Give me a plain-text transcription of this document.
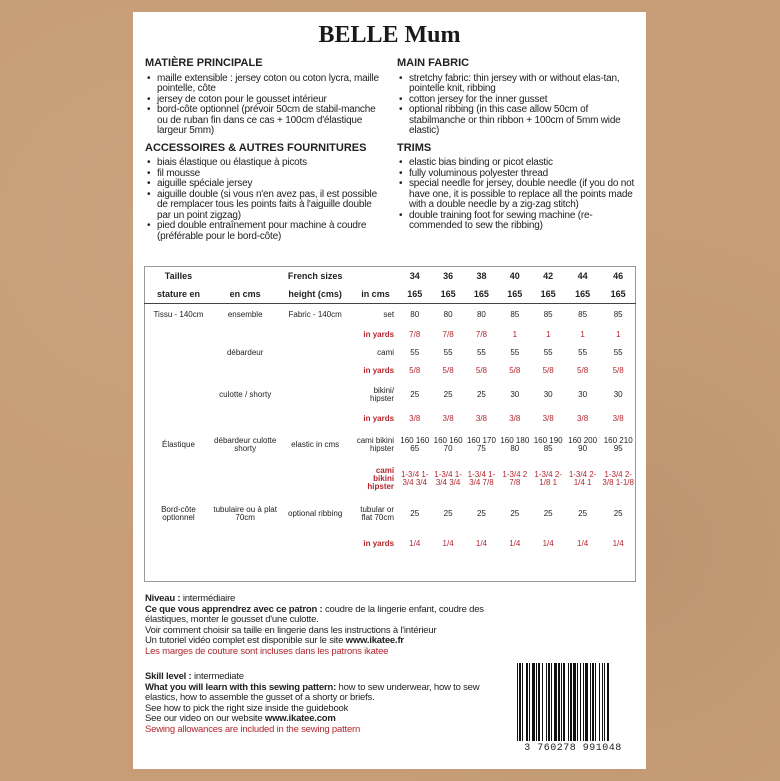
BELLE Mum
MATIÈRE PRINCIPALE
• maille extensible : jersey coton ou coton lycra, maille pointelle, côte
• jersey de coton pour le gousset intérieur
• bord-côte optionnel (prévoir 50cm de stabil-manche ou de ruban fin dans ce cas + 100cm d'élastique largeur 5mm)
ACCESSOIRES & AUTRES FOURNITURES
• biais élastique ou élastique à picots
• fil mousse
• aiguille spéciale jersey
• aiguille double (si vous n'en avez pas, il est possible de remplacer tous les points faits à l'aiguille double par un point zigzag)
• pied double entraînement pour machine à coudre (préférable pour le bord-côte)
MAIN FABRIC
• stretchy fabric: thin jersey with or without elas-tan, pointelle knit, ribbing
• cotton jersey for the inner gusset
• optional ribbing (in this case allow 50cm of stabilmanche or thin ribbon + 100cm of 5mm wide elastic)
TRIMS
• elastic bias binding or picot elastic
• fully voluminous polyester thread
• special needle for jersey, double needle (if you do not have one, it is possible to replace all the points made with a double needle by a zig-zag stitch)
• double training foot for sewing machine (re-commended to sew the ribbing)
Tailles		French sizes		34	36	38	40	42	44	46
stature en	en cms	height (cms)	in cms	165	165	165	165	165	165	165
Tissu - 140cm	ensemble	Fabric - 140cm	set	80	80	80	85	85	85	85
			in yards	7/8	7/8	7/8	1	1	1	1
	débardeur		cami	55	55	55	55	55	55	55
			in yards	5/8	5/8	5/8	5/8	5/8	5/8	5/8
	culotte / shorty		bikini/ hipster	25	25	25	30	30	30	30
			in yards	3/8	3/8	3/8	3/8	3/8	3/8	3/8
Élastique	débardeur culotte shorty	elastic in cms	cami bikini hipster	160 160 65	160 160 70	160 170 75	160 180 80	160 190 85	160 200 90	160 210 95
			cami bikini hipster	1-3/4 1-3/4 3/4	1-3/4 1-3/4 3/4	1-3/4 1-3/4 7/8	1-3/4 2 7/8	1-3/4 2-1/8 1	1-3/4 2-1/4 1	1-3/4 2-3/8 1-1/8
Bord-côte optionnel	tubulaire ou à plat 70cm	optional ribbing	tubular or flat 70cm	25	25	25	25	25	25	25
			in yards	1/4	1/4	1/4	1/4	1/4	1/4	1/4

Niveau : intermédiaire

Ce que vous apprendrez avec ce patron : coudre de la lingerie enfant, coudre des élastiques, monter le gousset d'une culotte.

Voir comment choisir sa taille en lingerie dans les instructions à l'intérieur

Un tutoriel vidéo complet est disponible sur le site www.ikatee.fr

Les marges de couture sont incluses dans les patrons ikatee

Skill level : intermediate

What you will learn with this sewing pattern: how to sew underwear, how to sew elastics, how to assemble the gusset of a shorty or briefs.

See how to pick the right size inside the guidebook

See our video on our website www.ikatee.com

Sewing allowances are included in the sewing pattern

3 760278 991048
